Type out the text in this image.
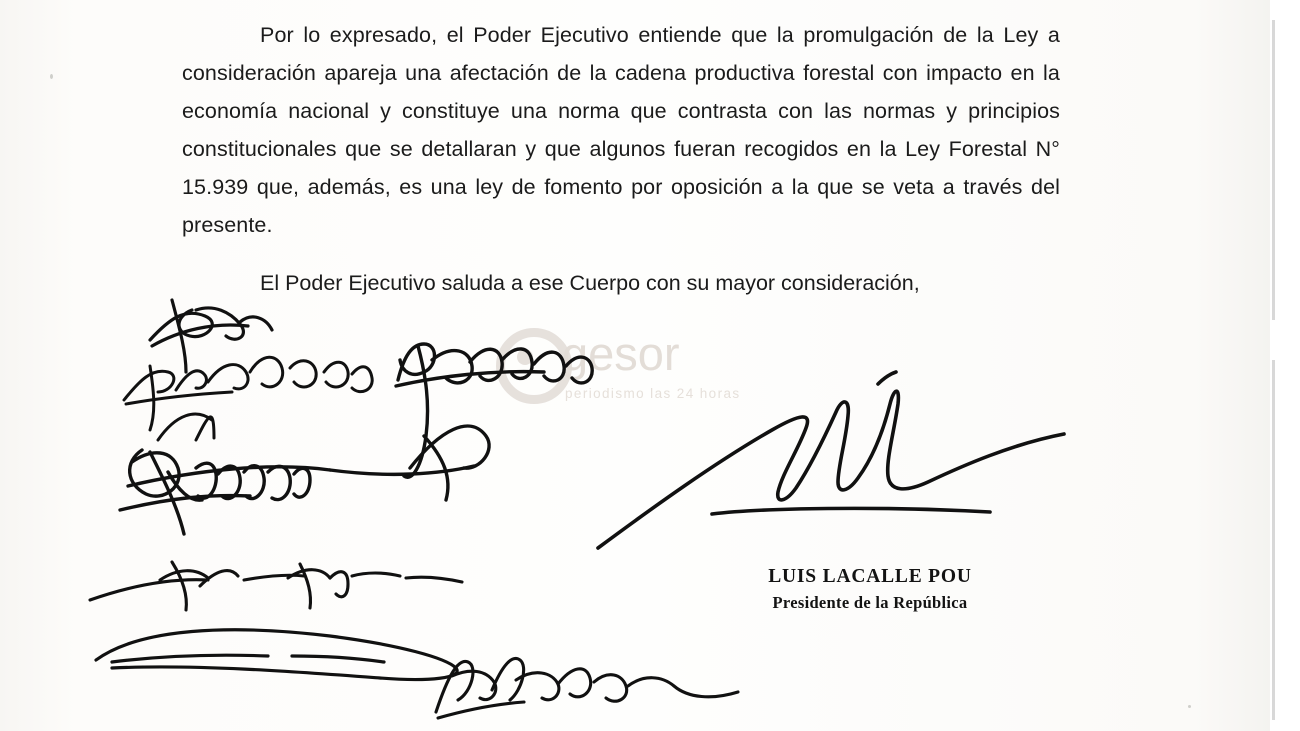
Por lo expresado, el Poder Ejecutivo entiende que la promulgación de la Ley a consideración apareja una afectación de la cadena productiva forestal con impacto en la economía nacional y constituye una norma que contrasta con las normas y principios constitucionales que se detallaran y que algunos fueran recogidos en la Ley Forestal N° 15.939 que, además, es una ley de fomento por oposición a la que se veta a través del presente.

El Poder Ejecutivo saluda a ese Cuerpo con su mayor consideración,
gesor
periodismo las 24 horas
LUIS LACALLE POU
Presidente de la República
